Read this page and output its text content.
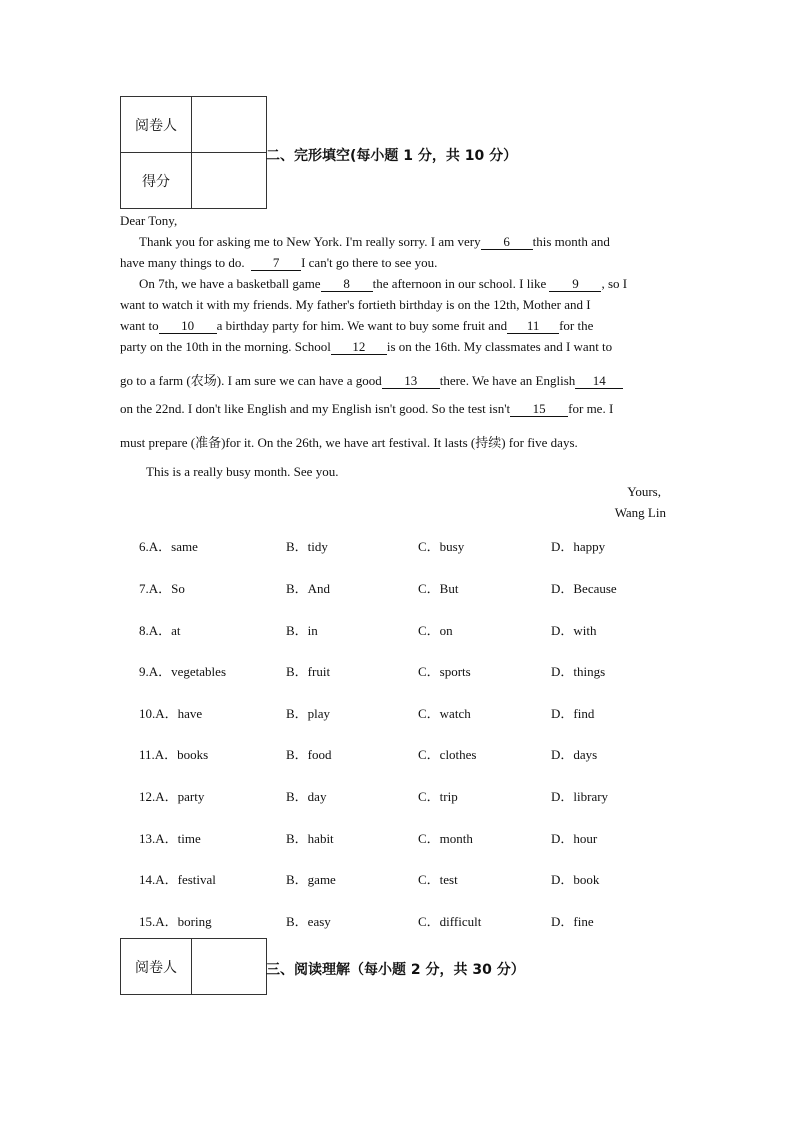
阅卷人	
得分	
二、完形填空(每小题 1 分，共 10 分）
Dear Tony,
Thank you for asking me to New York. I'm really sorry. I am very 6 this month and
have many things to do. 7 I can't go there to see you.
On 7th, we have a basketball game 8 the afternoon in our school. I like 9 , so I
want to watch it with my friends. My father's fortieth birthday is on the 12th, Mother and I
want to 10 a birthday party for him. We want to buy some fruit and 11 for the
party on the 10th in the morning. School 12 is on the 16th. My classmates and I want to
go to a farm (农场). I am sure we can have a good 13 there. We have an English 14
on the 22nd. I don't like English and my English isn't good. So the test isn't 15 for me. I
must prepare (准备)for it. On the 26th, we have art festival. It lasts (持续) for five days.
This is a really busy month. See you.
Yours,
Wang Lin
6.A．same	B．tidy	C．busy	D．happy
7.A．So	B．And	C．But	D．Because
8.A．at	B．in	C．on	D．with
9.A．vegetables	B．fruit	C．sports	D．things
10.A．have	B．play	C．watch	D．find
11.A．books	B．food	C．clothes	D．days
12.A．party	B．day	C．trip	D．library
13.A．time	B．habit	C．month	D．hour
14.A．festival	B．game	C．test	D．book
15.A．boring	B．easy	C．difficult	D．fine
阅卷人		三、阅读理解（每小题 2 分，共 30 分）
